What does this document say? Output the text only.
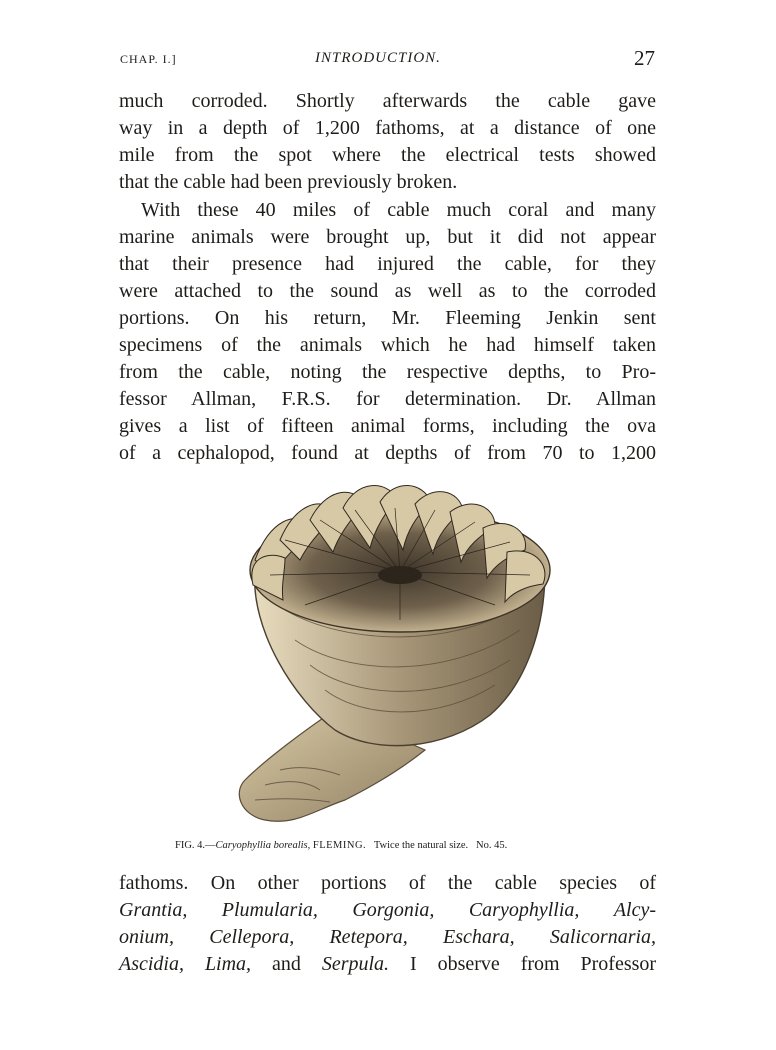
CHAP. I.]	INTRODUCTION.	27
much corroded. Shortly afterwards the cable gave
way in a depth of 1,200 fathoms, at a distance of one
mile from the spot where the electrical tests showed
that the cable had been previously broken.
With these 40 miles of cable much coral and many
marine animals were brought up, but it did not appear
that their presence had injured the cable, for they
were attached to the sound as well as to the corroded
portions. On his return, Mr. Fleeming Jenkin sent
specimens of the animals which he had himself taken
from the cable, noting the respective depths, to Pro-
fessor Allman, F.R.S. for determination. Dr. Allman
gives a list of fifteen animal forms, including the ova
of a cephalopod, found at depths of from 70 to 1,200
FIG. 4.—Caryophyllia borealis, FLEMING. Twice the natural size. No. 45.
fathoms. On other portions of the cable species of
Grantia, Plumularia, Gorgonia, Caryophyllia, Alcy-
onium, Cellepora, Retepora, Eschara, Salicornaria,
Ascidia, Lima, and Serpula. I observe from Professor
